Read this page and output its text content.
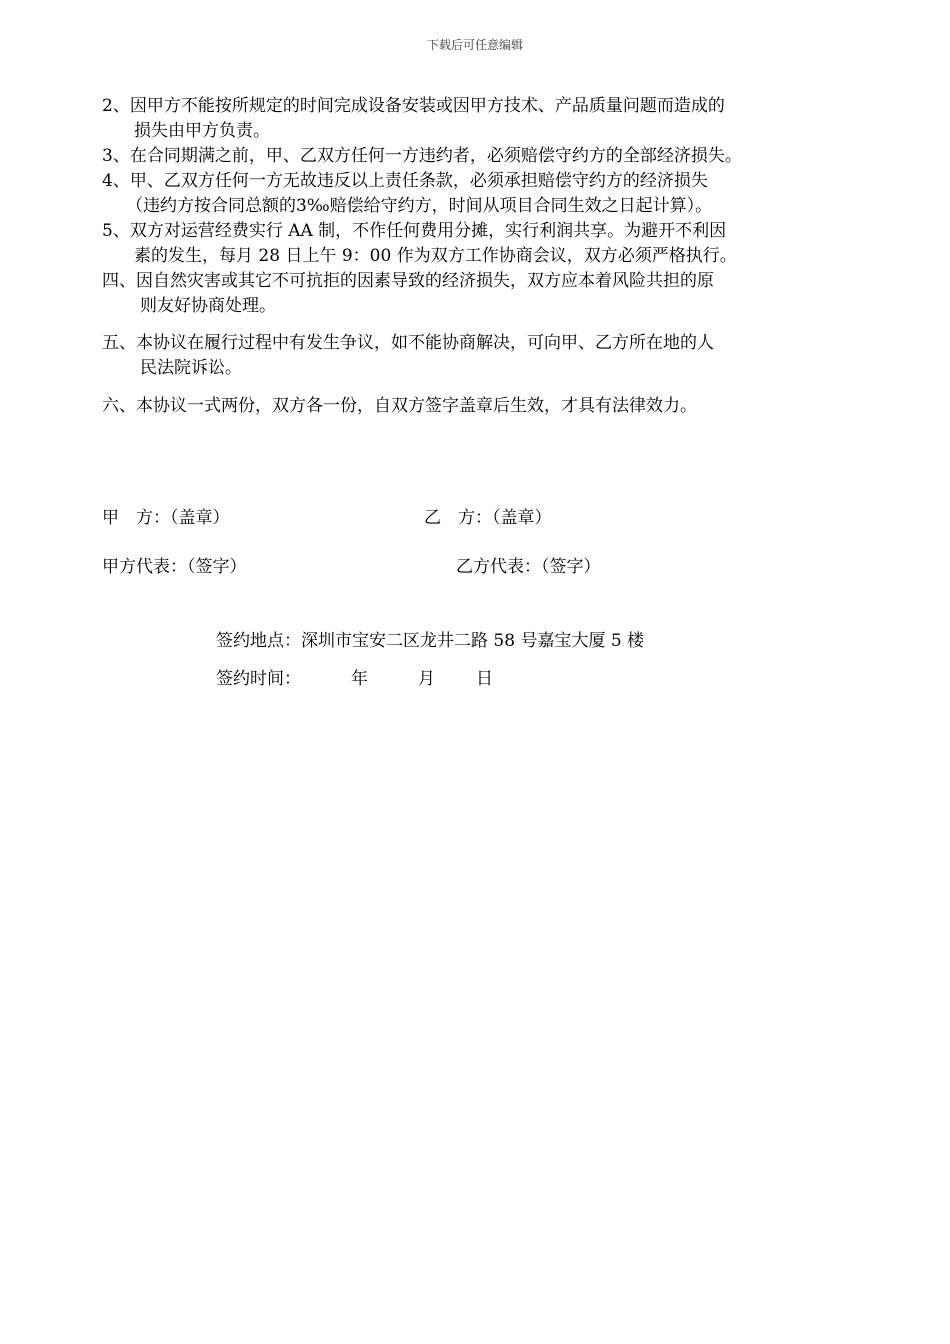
下载后可任意编辑
2、因甲方不能按所规定的时间完成设备安装或因甲方技术、产品质量问题而造成的
损失由甲方负责。
3、在合同期满之前，甲、乙双方任何一方违约者，必须赔偿守约方的全部经济损失。
4、甲、乙双方任何一方无故违反以上责任条款，必须承担赔偿守约方的经济损失
（违约方按合同总额的3‰赔偿给守约方，时间从项目合同生效之日起计算）。
5、双方对运营经费实行 AA 制，不作任何费用分摊，实行利润共享。为避开不利因
素的发生，每月 28 日上午 9：00 作为双方工作协商会议，双方必须严格执行。
四、因自然灾害或其它不可抗拒的因素导致的经济损失，双方应本着风险共担的原
则友好协商处理。
五、本协议在履行过程中有发生争议，如不能协商解决，可向甲、乙方所在地的人
民法院诉讼。
六、本协议一式两份，双方各一份，自双方签字盖章后生效，才具有法律效力。
甲　方：（盖章）	乙　方：（盖章）
甲方代表：（签字）	乙方代表：（签字）
签约地点：深圳市宝安二区龙井二路 58 号嘉宝大厦 5 楼
签约时间：	年	月 日
